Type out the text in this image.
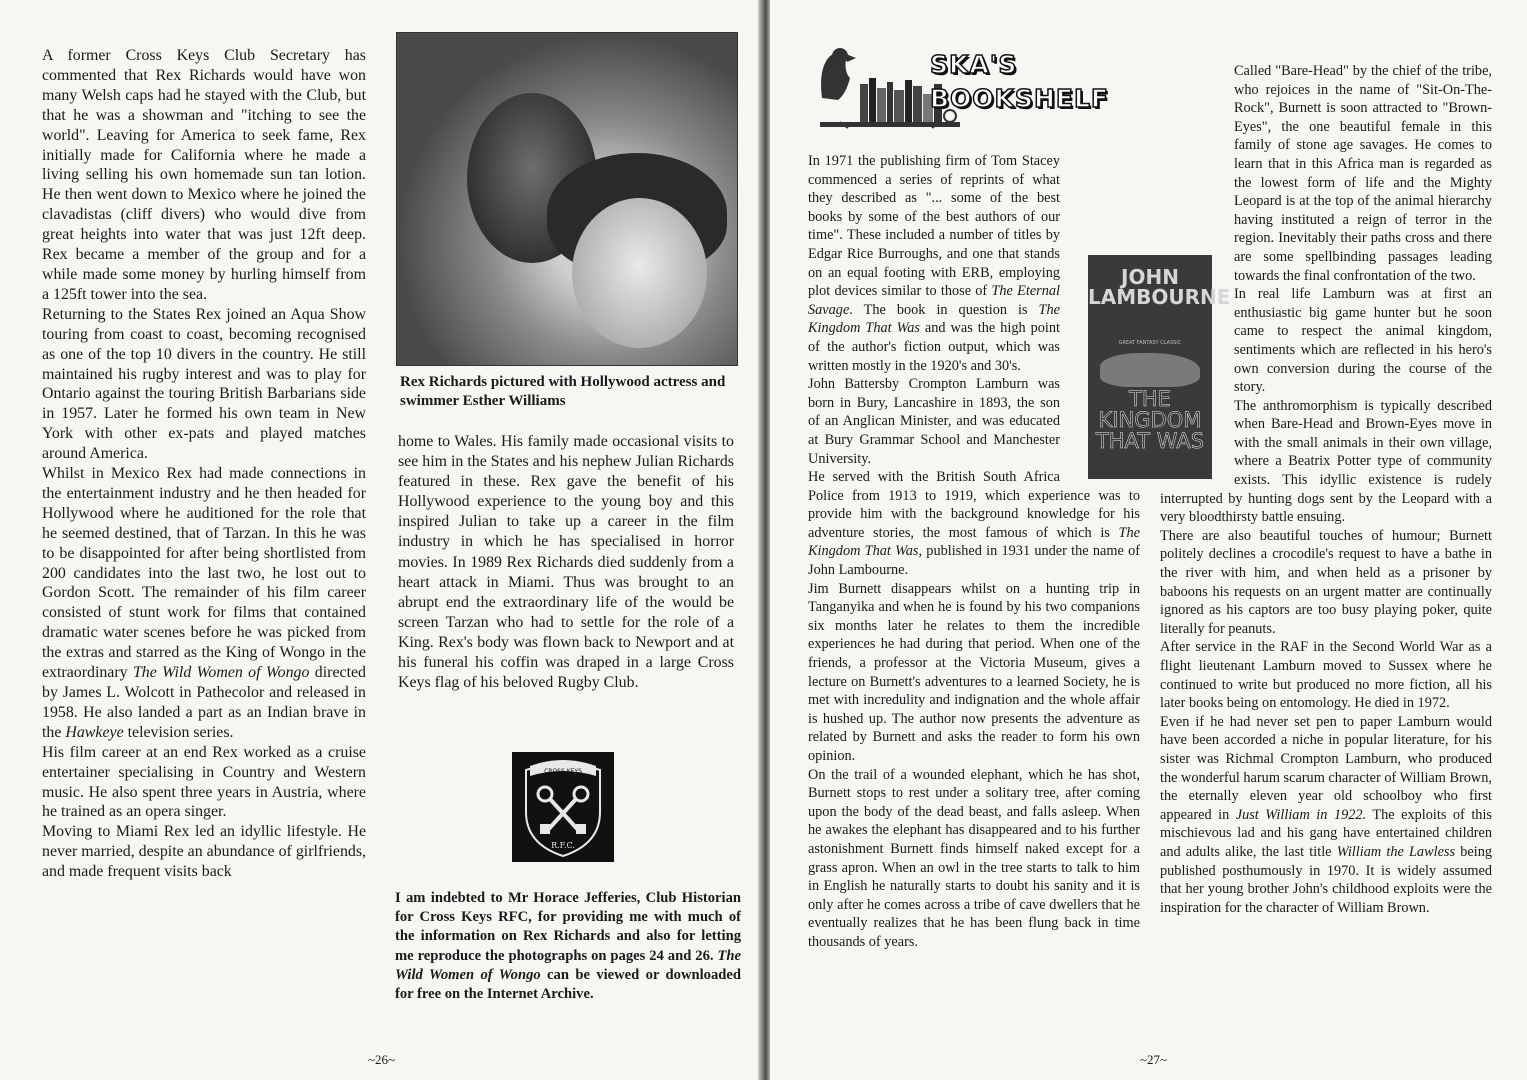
A former Cross Keys Club Secretary has commented that Rex Richards would have won many Welsh caps had he stayed with the Club, but that he was a showman and "itching to see the world". Leaving for America to seek fame, Rex initially made for California where he made a living selling his own homemade sun tan lotion. He then went down to Mexico where he joined the clavadistas (cliff divers) who would dive from great heights into water that was just 12ft deep. Rex became a member of the group and for a while made some money by hurling himself from a 125ft tower into the sea.

Returning to the States Rex joined an Aqua Show touring from coast to coast, becoming recognised as one of the top 10 divers in the country. He still maintained his rugby interest and was to play for Ontario against the touring British Barbarians side in 1957. Later he formed his own team in New York with other ex-pats and played matches around America.

Whilst in Mexico Rex had made connections in the entertainment industry and he then headed for Hollywood where he auditioned for the role that he seemed destined, that of Tarzan. In this he was to be disappointed for after being shortlisted from 200 candidates into the last two, he lost out to Gordon Scott. The remainder of his film career consisted of stunt work for films that contained dramatic water scenes before he was picked from the extras and starred as the King of Wongo in the extraordinary The Wild Women of Wongo directed by James L. Wolcott in Pathecolor and released in 1958. He also landed a part as an Indian brave in the Hawkeye television series.

His film career at an end Rex worked as a cruise entertainer specialising in Country and Western music. He also spent three years in Austria, where he trained as an opera singer.

Moving to Miami Rex led an idyllic lifestyle. He never married, despite an abundance of girlfriends, and made frequent visits back

Rex Richards pictured with Hollywood actress and swimmer Esther Williams

home to Wales. His family made occasional visits to see him in the States and his nephew Julian Richards featured in these. Rex gave the benefit of his Hollywood experience to the young boy and this inspired Julian to take up a career in the film industry in which he has specialised in horror movies. In 1989 Rex Richards died suddenly from a heart attack in Miami. Thus was brought to an abrupt end the extraordinary life of the would be screen Tarzan who had to settle for the role of a King. Rex's body was flown back to Newport and at his funeral his coffin was draped in a large Cross Keys flag of his beloved Rugby Club.

CROSS KEYS
R.F.C.
I am indebted to Mr Horace Jefferies, Club Historian for Cross Keys RFC, for providing me with much of the information on Rex Richards and also for letting me reproduce the photographs on pages 24 and 26. The Wild Women of Wongo can be viewed or downloaded for free on the Internet Archive.
~26~
SKA'S
BOOKSHELF

In 1971 the publishing firm of Tom Stacey commenced a series of reprints of what they described as "... some of the best books by some of the best authors of our time". These included a number of titles by Edgar Rice Burroughs, and one that stands on an equal footing with ERB, employing plot devices similar to those of The Eternal Savage. The book in question is The Kingdom That Was and was the high point of the author's fiction output, which was written mostly in the 1920's and 30's.

John Battersby Crompton Lamburn was born in Bury, Lancashire in 1893, the son of an Anglican Minister, and was educated at Bury Grammar School and Manchester University.

He served with the British South Africa Police from 1913 to 1919, which experience was to provide him with the background knowledge for his adventure stories, the most famous of which is The Kingdom That Was, published in 1931 under the name of John Lambourne.

Jim Burnett disappears whilst on a hunting trip in Tanganyika and when he is found by his two companions six months later he relates to them the incredible experiences he had during that period. When one of the friends, a professor at the Victoria Museum, gives a lecture on Burnett's adventures to a learned Society, he is met with incredulity and indignation and the whole affair is hushed up. The author now presents the adventure as related by Burnett and asks the reader to form his own opinion.

On the trail of a wounded elephant, which he has shot, Burnett stops to rest under a solitary tree, after coming upon the body of the dead beast, and falls asleep. When he awakes the elephant has disappeared and to his further astonishment Burnett finds himself naked except for a grass apron. When an owl in the tree starts to talk to him in English he naturally starts to doubt his sanity and it is only after he comes across a tribe of cave dwellers that he eventually realizes that he has been flung back in time thousands of years.

JOHN
LAMBOURNE
GREAT FANTASY CLASSIC
THE
KINGDOM
THAT WAS

Called "Bare-Head" by the chief of the tribe, who rejoices in the name of "Sit-On-The-Rock", Burnett is soon attracted to "Brown-Eyes", the one beautiful female in this family of stone age savages. He comes to learn that in this Africa man is regarded as the lowest form of life and the Mighty Leopard is at the top of the animal hierarchy having instituted a reign of terror in the region. Inevitably their paths cross and there are some spellbinding passages leading towards the final confrontation of the two.

In real life Lamburn was at first an enthusiastic big game hunter but he soon came to respect the animal kingdom, sentiments which are reflected in his hero's own conversion during the course of the story.

The anthromorphism is typically described when Bare-Head and Brown-Eyes move in with the small animals in their own village, where a Beatrix Potter type of community exists. This idyllic existence is rudely interrupted by hunting dogs sent by the Leopard with a very bloodthirsty battle ensuing.

There are also beautiful touches of humour; Burnett politely declines a crocodile's request to have a bathe in the river with him, and when held as a prisoner by baboons his requests on an urgent matter are continually ignored as his captors are too busy playing poker, quite literally for peanuts.

After service in the RAF in the Second World War as a flight lieutenant Lamburn moved to Sussex where he continued to write but produced no more fiction, all his later books being on entomology. He died in 1972.

Even if he had never set pen to paper Lamburn would have been accorded a niche in popular literature, for his sister was Richmal Crompton Lamburn, who produced the wonderful harum scarum character of William Brown, the eternally eleven year old schoolboy who first appeared in Just William in 1922. The exploits of this mischievous lad and his gang have entertained children and adults alike, the last title William the Lawless being published posthumously in 1970. It is widely assumed that her young brother John's childhood exploits were the inspiration for the character of William Brown.

~27~
